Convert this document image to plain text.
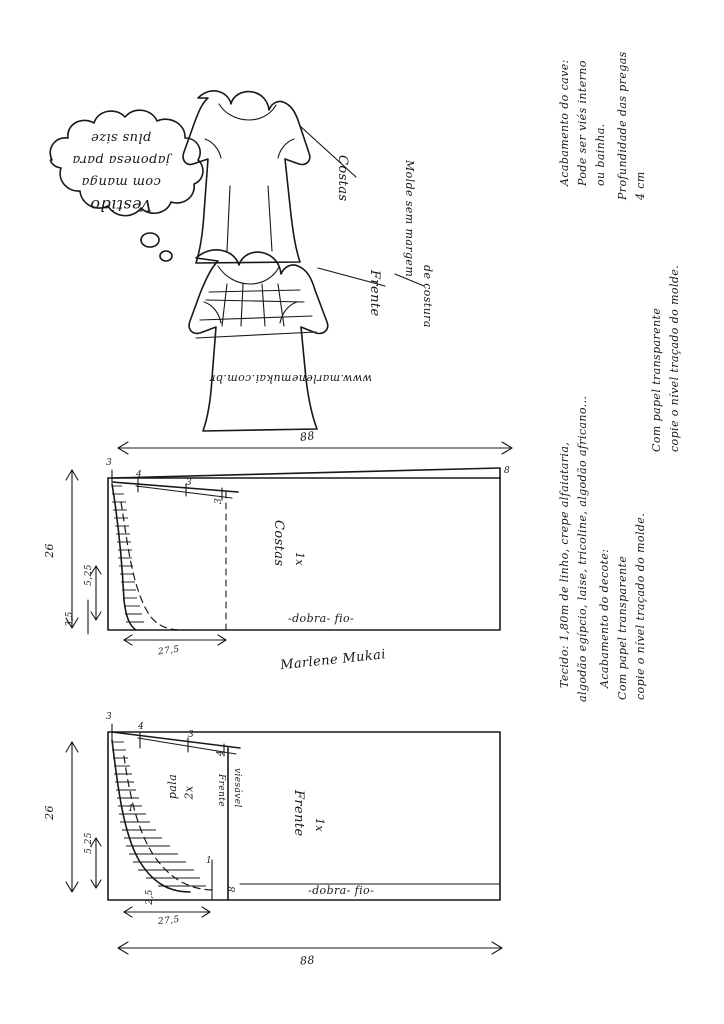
plus size

japonesa para

com manga

Vestido

Costas
Frente
Molde sem margem
de costura
www.marlenemukai.com.br
Marlene Mukai
Acabamento do cave: Pode ser viés interno ou bainha. Profundidade das pregas 4 cm
Com papel transparente copie o nível traçado do molde.
Tecido: 1,80m de linho, crepe alfaiataria, algodão egípcio, laise, tricoline, algodão africano... Acabamento do decote: Com papel transparente copie o nível traçado do molde.
88
26
3
4
3
3
8
5,25
3,5
27,5
Costas 1x
-dobra- fio-
88
26
3
4
3
4
8
5,25
2,5
27,5
1
1
pala 2x Frente viesável
Frente 1x
-dobra- fio-
